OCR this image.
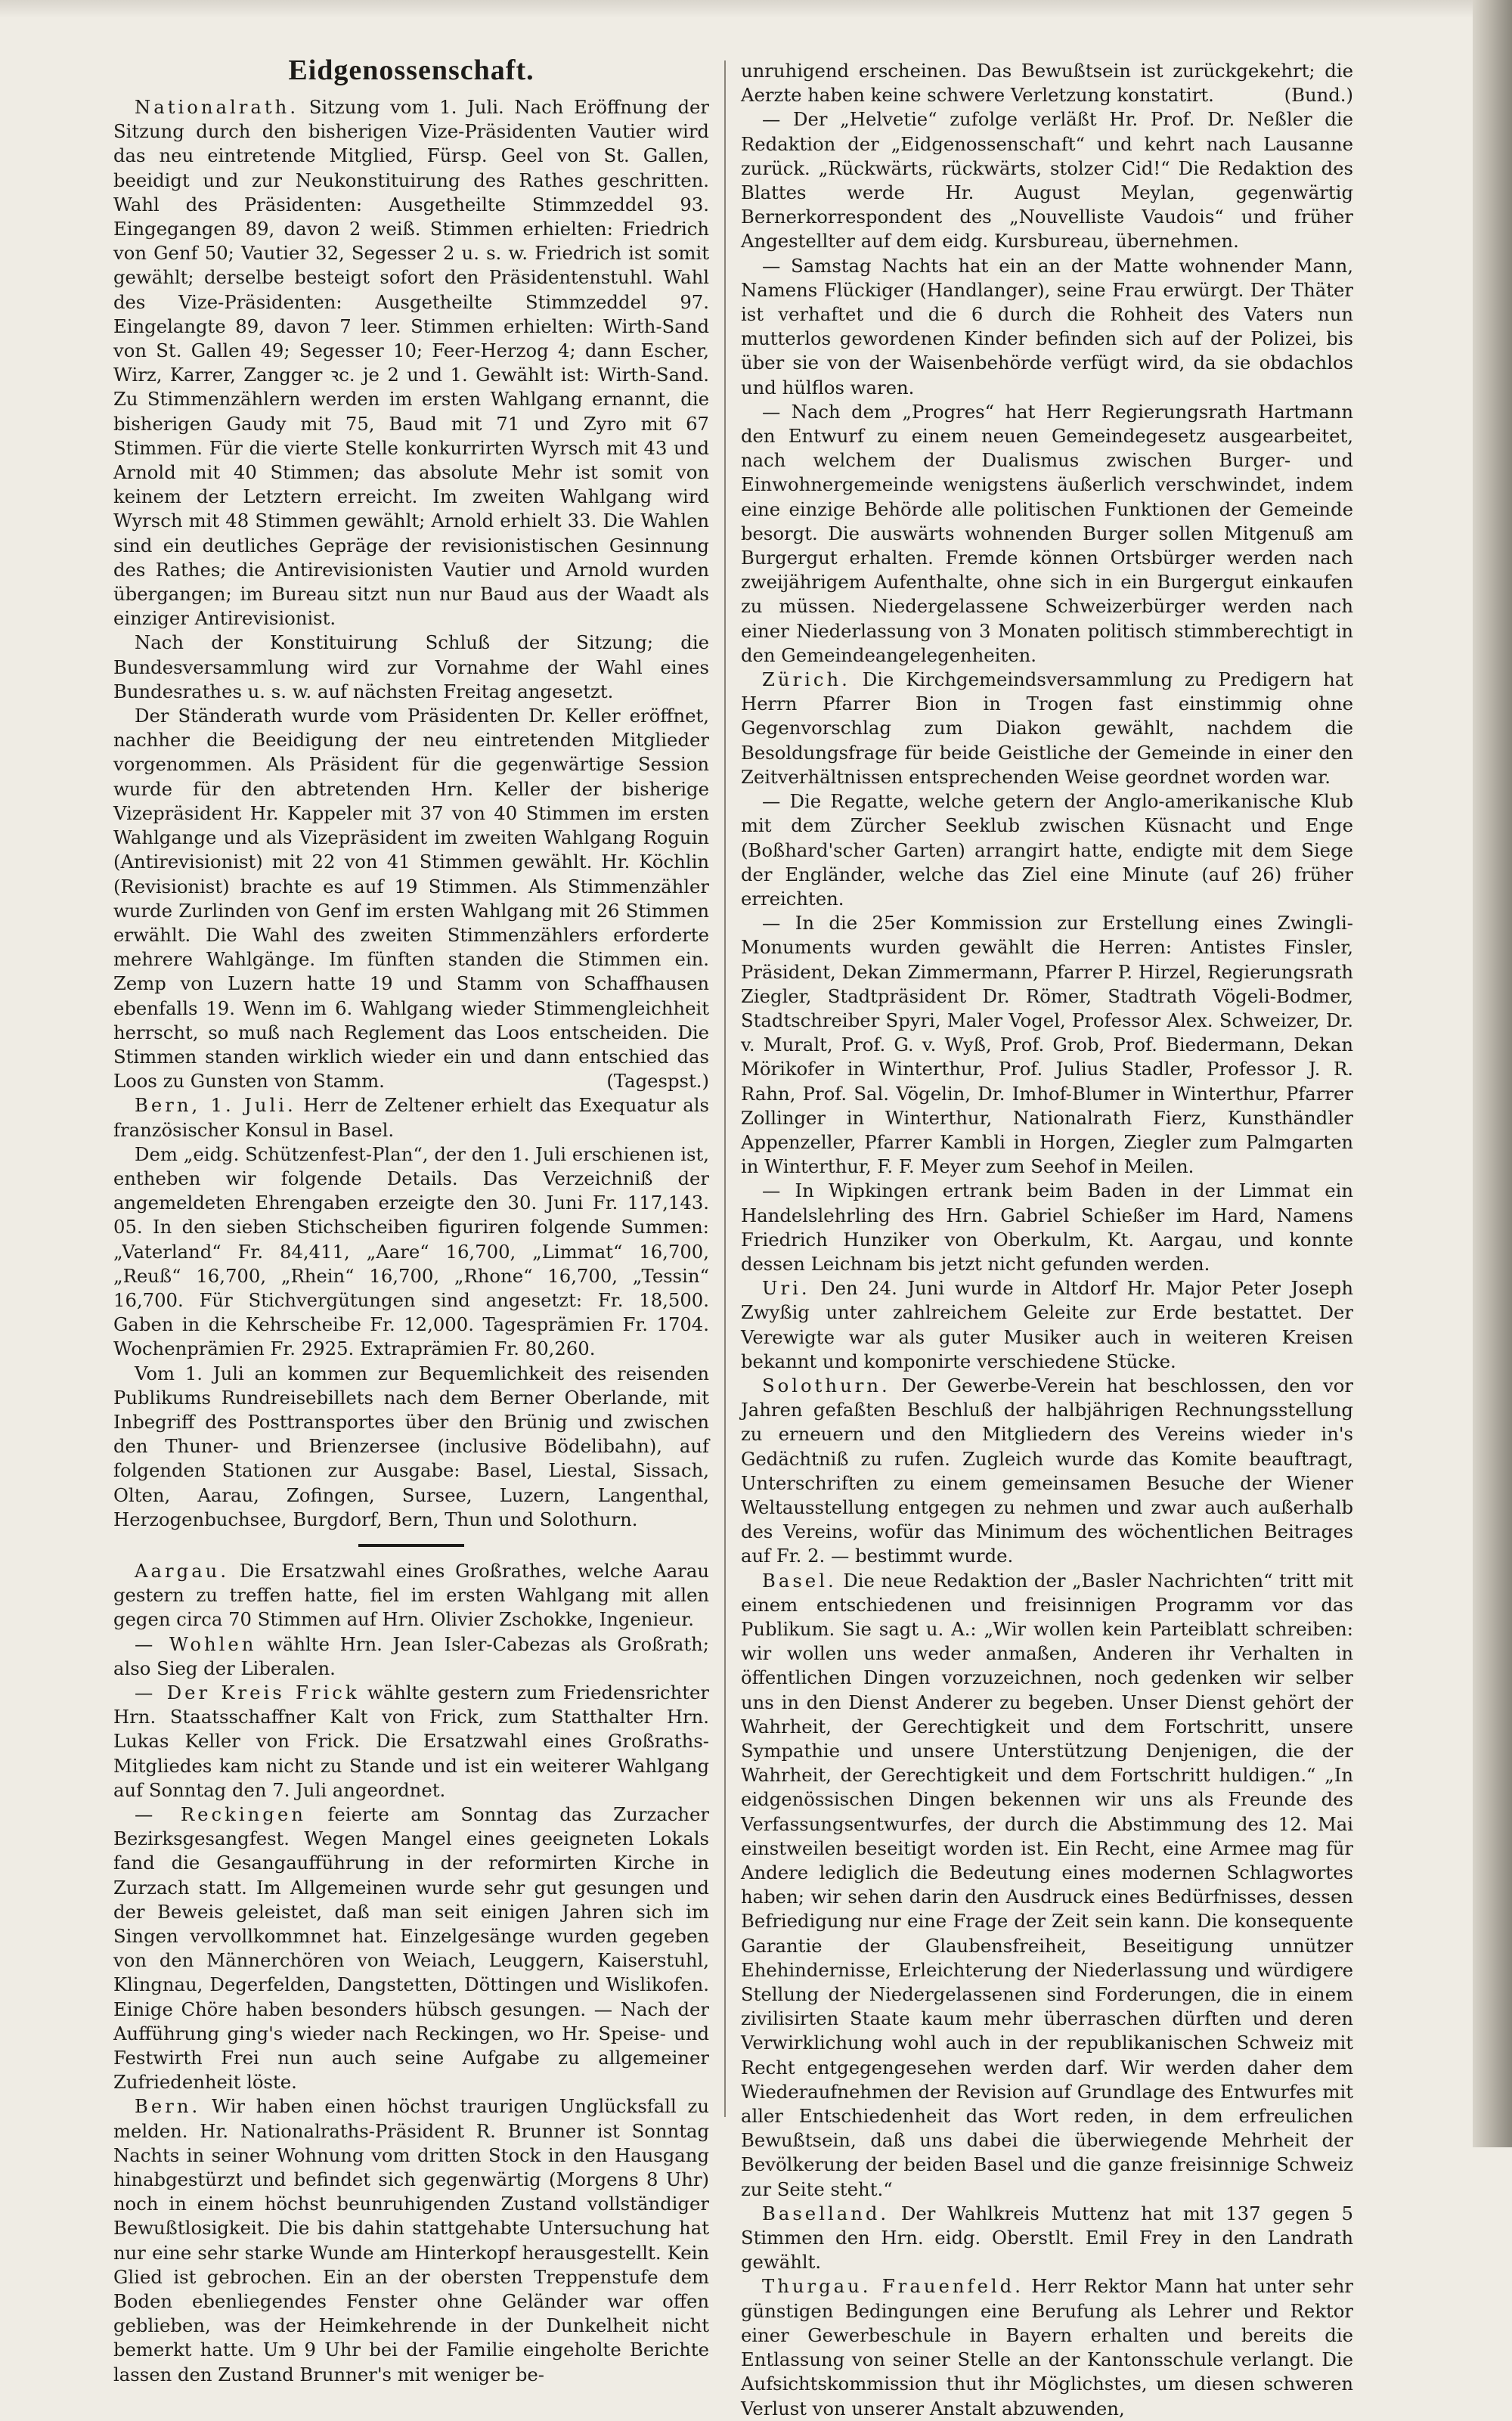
Eidgenossenschaft.

Nationalrath. Sitzung vom 1. Juli. Nach Eröffnung der Sitzung durch den bisherigen Vize-Präsidenten Vautier wird das neu eintretende Mitglied, Fürsp. Geel von St. Gallen, beeidigt und zur Neukonstituirung des Rathes geschritten. Wahl des Präsidenten: Ausgetheilte Stimmzeddel 93. Eingegangen 89, davon 2 weiß. Stimmen erhielten: Friedrich von Genf 50; Vautier 32, Segesser 2 u. s. w. Friedrich ist somit gewählt; derselbe besteigt sofort den Präsidentenstuhl. Wahl des Vize-Präsidenten: Ausgetheilte Stimmzeddel 97. Eingelangte 89, davon 7 leer. Stimmen erhielten: Wirth-Sand von St. Gallen 49; Segesser 10; Feer-Herzog 4; dann Escher, Wirz, Karrer, Zangger ꝛc. je 2 und 1. Gewählt ist: Wirth-Sand. Zu Stimmenzählern werden im ersten Wahlgang ernannt, die bisherigen Gaudy mit 75, Baud mit 71 und Zyro mit 67 Stimmen. Für die vierte Stelle konkurrirten Wyrsch mit 43 und Arnold mit 40 Stimmen; das absolute Mehr ist somit von keinem der Letztern erreicht. Im zweiten Wahlgang wird Wyrsch mit 48 Stimmen gewählt; Arnold erhielt 33. Die Wahlen sind ein deutliches Gepräge der revisionistischen Gesinnung des Rathes; die Antirevisionisten Vautier und Arnold wurden übergangen; im Bureau sitzt nun nur Baud aus der Waadt als einziger Antirevisionist.

Nach der Konstituirung Schluß der Sitzung; die Bundesversammlung wird zur Vornahme der Wahl eines Bundesrathes u. s. w. auf nächsten Freitag angesetzt.

Der Ständerath wurde vom Präsidenten Dr. Keller eröffnet, nachher die Beeidigung der neu eintretenden Mitglieder vorgenommen. Als Präsident für die gegenwärtige Session wurde für den abtretenden Hrn. Keller der bisherige Vizepräsident Hr. Kappeler mit 37 von 40 Stimmen im ersten Wahlgange und als Vizepräsident im zweiten Wahlgang Roguin (Antirevisionist) mit 22 von 41 Stimmen gewählt. Hr. Köchlin (Revisionist) brachte es auf 19 Stimmen. Als Stimmenzähler wurde Zurlinden von Genf im ersten Wahlgang mit 26 Stimmen erwählt. Die Wahl des zweiten Stimmenzählers erforderte mehrere Wahlgänge. Im fünften standen die Stimmen ein. Zemp von Luzern hatte 19 und Stamm von Schaffhausen ebenfalls 19. Wenn im 6. Wahlgang wieder Stimmengleichheit herrscht, so muß nach Reglement das Loos entscheiden. Die Stimmen standen wirklich wieder ein und dann entschied das Loos zu Gunsten von Stamm.	(Tagespst.)

Bern, 1. Juli. Herr de Zeltener erhielt das Exequatur als französischer Konsul in Basel.

Dem „eidg. Schützenfest-Plan“, der den 1. Juli erschienen ist, entheben wir folgende Details. Das Verzeichniß der angemeldeten Ehrengaben erzeigte den 30. Juni Fr. 117,143. 05. In den sieben Stichscheiben figuriren folgende Summen: „Vaterland“ Fr. 84,411, „Aare“ 16,700, „Limmat“ 16,700, „Reuß“ 16,700, „Rhein“ 16,700, „Rhone“ 16,700, „Tessin“ 16,700. Für Stichvergütungen sind angesetzt: Fr. 18,500. Gaben in die Kehrscheibe Fr. 12,000. Tagesprämien Fr. 1704. Wochenprämien Fr. 2925. Extraprämien Fr. 80,260.

Vom 1. Juli an kommen zur Bequemlichkeit des reisenden Publikums Rundreisebillets nach dem Berner Oberlande, mit Inbegriff des Posttransportes über den Brünig und zwischen den Thuner- und Brienzersee (inclusive Bödelibahn), auf folgenden Stationen zur Ausgabe: Basel, Liestal, Sissach, Olten, Aarau, Zofingen, Sursee, Luzern, Langenthal, Herzogenbuchsee, Burgdorf, Bern, Thun und Solothurn.

Aargau. Die Ersatzwahl eines Großrathes, welche Aarau gestern zu treffen hatte, fiel im ersten Wahlgang mit allen gegen circa 70 Stimmen auf Hrn. Olivier Zschokke, Ingenieur.

— Wohlen wählte Hrn. Jean Isler-Cabezas als Großrath; also Sieg der Liberalen.

— Der Kreis Frick wählte gestern zum Friedensrichter Hrn. Staatsschaffner Kalt von Frick, zum Statthalter Hrn. Lukas Keller von Frick. Die Ersatzwahl eines Großraths-Mitgliedes kam nicht zu Stande und ist ein weiterer Wahlgang auf Sonntag den 7. Juli angeordnet.

— Reckingen feierte am Sonntag das Zurzacher Bezirksgesangfest. Wegen Mangel eines geeigneten Lokals fand die Gesangaufführung in der reformirten Kirche in Zurzach statt. Im Allgemeinen wurde sehr gut gesungen und der Beweis geleistet, daß man seit einigen Jahren sich im Singen vervollkommnet hat. Einzelgesänge wurden gegeben von den Männerchören von Weiach, Leuggern, Kaiserstuhl, Klingnau, Degerfelden, Dangstetten, Döttingen und Wislikofen. Einige Chöre haben besonders hübsch gesungen. — Nach der Aufführung ging's wieder nach Reckingen, wo Hr. Speise- und Festwirth Frei nun auch seine Aufgabe zu allgemeiner Zufriedenheit löste.

Bern. Wir haben einen höchst traurigen Unglücksfall zu melden. Hr. Nationalraths-Präsident R. Brunner ist Sonntag Nachts in seiner Wohnung vom dritten Stock in den Hausgang hinabgestürzt und befindet sich gegenwärtig (Morgens 8 Uhr) noch in einem höchst beunruhigenden Zustand vollständiger Bewußtlosigkeit. Die bis dahin stattgehabte Untersuchung hat nur eine sehr starke Wunde am Hinterkopf herausgestellt. Kein Glied ist gebrochen. Ein an der obersten Treppenstufe dem Boden ebenliegendes Fenster ohne Geländer war offen geblieben, was der Heimkehrende in der Dunkelheit nicht bemerkt hatte. Um 9 Uhr bei der Familie eingeholte Berichte lassen den Zustand Brunner's mit weniger be-

unruhigend erscheinen. Das Bewußtsein ist zurückgekehrt; die Aerzte haben keine schwere Verletzung konstatirt.	(Bund.)

— Der „Helvetie“ zufolge verläßt Hr. Prof. Dr. Neßler die Redaktion der „Eidgenossenschaft“ und kehrt nach Lausanne zurück. „Rückwärts, rückwärts, stolzer Cid!“ Die Redaktion des Blattes werde Hr. August Meylan, gegenwärtig Bernerkorrespondent des „Nouvelliste Vaudois“ und früher Angestellter auf dem eidg. Kursbureau, übernehmen.

— Samstag Nachts hat ein an der Matte wohnender Mann, Namens Flückiger (Handlanger), seine Frau erwürgt. Der Thäter ist verhaftet und die 6 durch die Rohheit des Vaters nun mutterlos gewordenen Kinder befinden sich auf der Polizei, bis über sie von der Waisenbehörde verfügt wird, da sie obdachlos und hülflos waren.

— Nach dem „Progres“ hat Herr Regierungsrath Hartmann den Entwurf zu einem neuen Gemeindegesetz ausgearbeitet, nach welchem der Dualismus zwischen Burger- und Einwohnergemeinde wenigstens äußerlich verschwindet, indem eine einzige Behörde alle politischen Funktionen der Gemeinde besorgt. Die auswärts wohnenden Burger sollen Mitgenuß am Burgergut erhalten. Fremde können Ortsbürger werden nach zweijährigem Aufenthalte, ohne sich in ein Burgergut einkaufen zu müssen. Niedergelassene Schweizerbürger werden nach einer Niederlassung von 3 Monaten politisch stimmberechtigt in den Gemeindeangelegenheiten.

Zürich. Die Kirchgemeindsversammlung zu Predigern hat Herrn Pfarrer Bion in Trogen fast einstimmig ohne Gegenvorschlag zum Diakon gewählt, nachdem die Besoldungsfrage für beide Geistliche der Gemeinde in einer den Zeitverhältnissen entsprechenden Weise geordnet worden war.

— Die Regatte, welche getern der Anglo-amerikanische Klub mit dem Zürcher Seeklub zwischen Küsnacht und Enge (Boßhard'scher Garten) arrangirt hatte, endigte mit dem Siege der Engländer, welche das Ziel eine Minute (auf 26) früher erreichten.

— In die 25er Kommission zur Erstellung eines Zwingli-Monuments wurden gewählt die Herren: Antistes Finsler, Präsident, Dekan Zimmermann, Pfarrer P. Hirzel, Regierungsrath Ziegler, Stadtpräsident Dr. Römer, Stadtrath Vögeli-Bodmer, Stadtschreiber Spyri, Maler Vogel, Professor Alex. Schweizer, Dr. v. Muralt, Prof. G. v. Wyß, Prof. Grob, Prof. Biedermann, Dekan Mörikofer in Winterthur, Prof. Julius Stadler, Professor J. R. Rahn, Prof. Sal. Vögelin, Dr. Imhof-Blumer in Winterthur, Pfarrer Zollinger in Winterthur, Nationalrath Fierz, Kunsthändler Appenzeller, Pfarrer Kambli in Horgen, Ziegler zum Palmgarten in Winterthur, F. F. Meyer zum Seehof in Meilen.

— In Wipkingen ertrank beim Baden in der Limmat ein Handelslehrling des Hrn. Gabriel Schießer im Hard, Namens Friedrich Hunziker von Oberkulm, Kt. Aargau, und konnte dessen Leichnam bis jetzt nicht gefunden werden.

Uri. Den 24. Juni wurde in Altdorf Hr. Major Peter Joseph Zwyßig unter zahlreichem Geleite zur Erde bestattet. Der Verewigte war als guter Musiker auch in weiteren Kreisen bekannt und komponirte verschiedene Stücke.

Solothurn. Der Gewerbe-Verein hat beschlossen, den vor Jahren gefaßten Beschluß der halbjährigen Rechnungsstellung zu erneuern und den Mitgliedern des Vereins wieder in's Gedächtniß zu rufen. Zugleich wurde das Komite beauftragt, Unterschriften zu einem gemeinsamen Besuche der Wiener Weltausstellung entgegen zu nehmen und zwar auch außerhalb des Vereins, wofür das Minimum des wöchentlichen Beitrages auf Fr. 2. — bestimmt wurde.

Basel. Die neue Redaktion der „Basler Nachrichten“ tritt mit einem entschiedenen und freisinnigen Programm vor das Publikum. Sie sagt u. A.: „Wir wollen kein Parteiblatt schreiben: wir wollen uns weder anmaßen, Anderen ihr Verhalten in öffentlichen Dingen vorzuzeichnen, noch gedenken wir selber uns in den Dienst Anderer zu begeben. Unser Dienst gehört der Wahrheit, der Gerechtigkeit und dem Fortschritt, unsere Sympathie und unsere Unterstützung Denjenigen, die der Wahrheit, der Gerechtigkeit und dem Fortschritt huldigen.“ „In eidgenössischen Dingen bekennen wir uns als Freunde des Verfassungsentwurfes, der durch die Abstimmung des 12. Mai einstweilen beseitigt worden ist. Ein Recht, eine Armee mag für Andere lediglich die Bedeutung eines modernen Schlagwortes haben; wir sehen darin den Ausdruck eines Bedürfnisses, dessen Befriedigung nur eine Frage der Zeit sein kann. Die konsequente Garantie der Glaubensfreiheit, Beseitigung unnützer Ehehindernisse, Erleichterung der Niederlassung und würdigere Stellung der Niedergelassenen sind Forderungen, die in einem zivilisirten Staate kaum mehr überraschen dürften und deren Verwirklichung wohl auch in der republikanischen Schweiz mit Recht entgegengesehen werden darf. Wir werden daher dem Wiederaufnehmen der Revision auf Grundlage des Entwurfes mit aller Entschiedenheit das Wort reden, in dem erfreulichen Bewußtsein, daß uns dabei die überwiegende Mehrheit der Bevölkerung der beiden Basel und die ganze freisinnige Schweiz zur Seite steht.“

Baselland. Der Wahlkreis Muttenz hat mit 137 gegen 5 Stimmen den Hrn. eidg. Oberstlt. Emil Frey in den Landrath gewählt.

Thurgau. Frauenfeld. Herr Rektor Mann hat unter sehr günstigen Bedingungen eine Berufung als Lehrer und Rektor einer Gewerbeschule in Bayern erhalten und bereits die Entlassung von seiner Stelle an der Kantonsschule verlangt. Die Aufsichtskommission thut ihr Möglichstes, um diesen schweren Verlust von unserer Anstalt abzuwenden,
